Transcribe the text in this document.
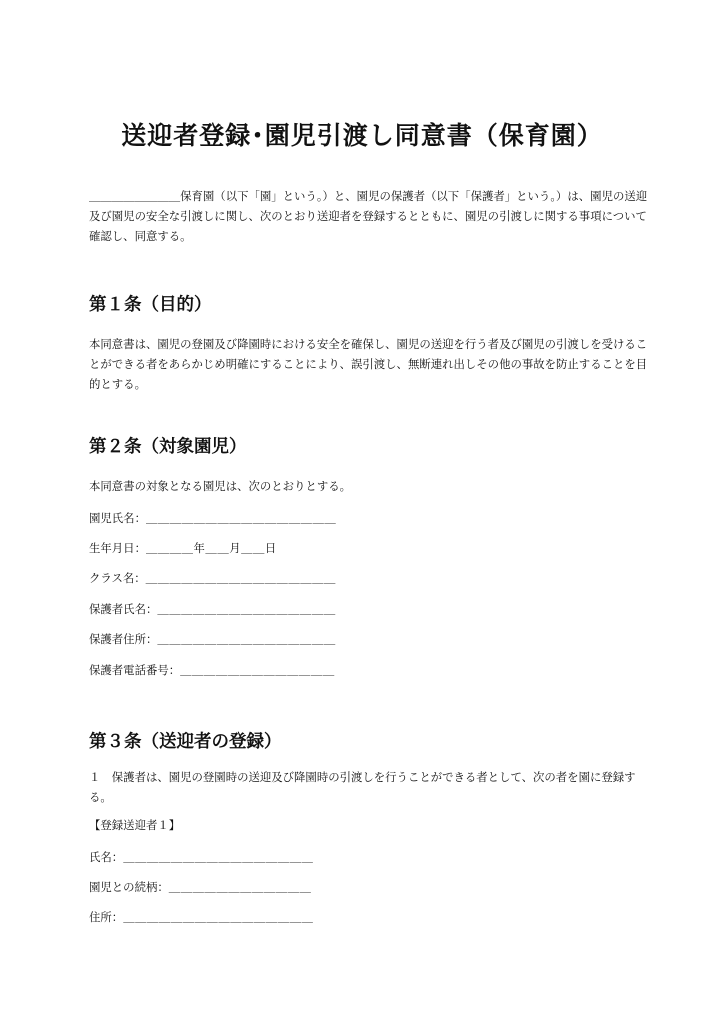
送迎者登録･園児引渡し同意書（保育園）
＿＿＿＿＿＿＿＿保育園（以下「園」という。）と、園児の保護者（以下「保護者」という。）は、園児の送迎及び園児の安全な引渡しに関し、次のとおり送迎者を登録するとともに、園児の引渡しに関する事項について確認し、同意する。
第１条（目的）
本同意書は、園児の登園及び降園時における安全を確保し、園児の送迎を行う者及び園児の引渡しを受けることができる者をあらかじめ明確にすることにより、誤引渡し、無断連れ出しその他の事故を防止することを目的とする。
第２条（対象園児）
本同意書の対象となる園児は、次のとおりとする。
園児氏名：＿＿＿＿＿＿＿＿＿＿＿＿＿＿＿＿
生年月日：＿＿＿＿年＿＿月＿＿日
クラス名：＿＿＿＿＿＿＿＿＿＿＿＿＿＿＿＿
保護者氏名：＿＿＿＿＿＿＿＿＿＿＿＿＿＿＿
保護者住所：＿＿＿＿＿＿＿＿＿＿＿＿＿＿＿
保護者電話番号：＿＿＿＿＿＿＿＿＿＿＿＿＿
第３条（送迎者の登録）
１　保護者は、園児の登園時の送迎及び降園時の引渡しを行うことができる者として、次の者を園に登録する。
【登録送迎者１】
氏名：＿＿＿＿＿＿＿＿＿＿＿＿＿＿＿＿
園児との続柄：＿＿＿＿＿＿＿＿＿＿＿＿
住所：＿＿＿＿＿＿＿＿＿＿＿＿＿＿＿＿
